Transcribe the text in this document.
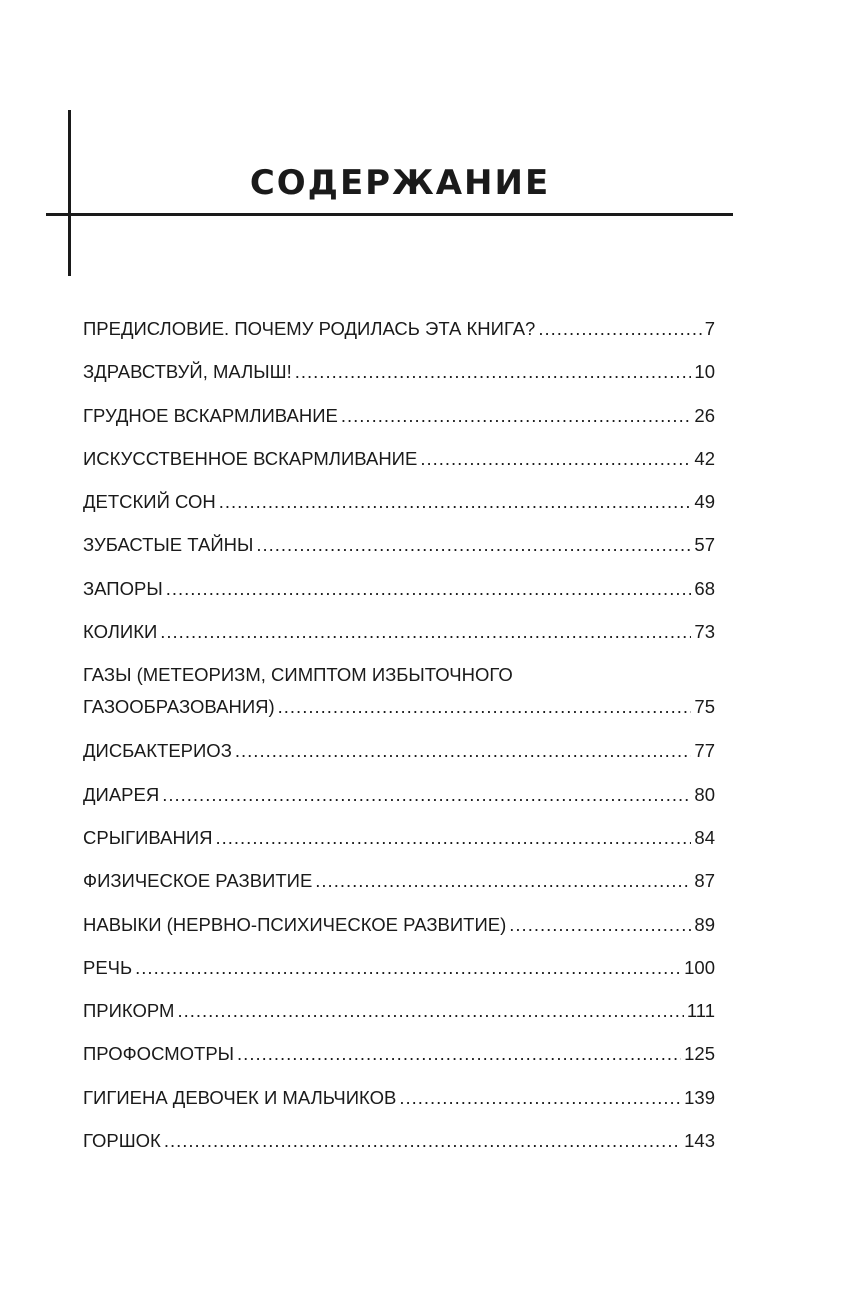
СОДЕРЖАНИЕ
ПРЕДИСЛОВИЕ. ПОЧЕМУ РОДИЛАСЬ ЭТА КНИГА? .....	7
ЗДРАВСТВУЙ, МАЛЫШ! .....	10
ГРУДНОЕ ВСКАРМЛИВАНИЕ .....	26
ИСКУССТВЕННОЕ ВСКАРМЛИВАНИЕ .....	42
ДЕТСКИЙ СОН .....	49
ЗУБАСТЫЕ ТАЙНЫ .....	57
ЗАПОРЫ .....	68
КОЛИКИ .....	73
ГАЗЫ (МЕТЕОРИЗМ, СИМПТОМ ИЗБЫТОЧНОГО
ГАЗООБРАЗОВАНИЯ) .....	75
ДИСБАКТЕРИОЗ .....	77
ДИАРЕЯ .....	80
СРЫГИВАНИЯ .....	84
ФИЗИЧЕСКОЕ РАЗВИТИЕ .....	87
НАВЫКИ (НЕРВНО-ПСИХИЧЕСКОЕ РАЗВИТИЕ) .....	89
РЕЧЬ .....	100
ПРИКОРМ .....	111
ПРОФОСМОТРЫ .....	125
ГИГИЕНА ДЕВОЧЕК И МАЛЬЧИКОВ .....	139
ГОРШОК .....	143
